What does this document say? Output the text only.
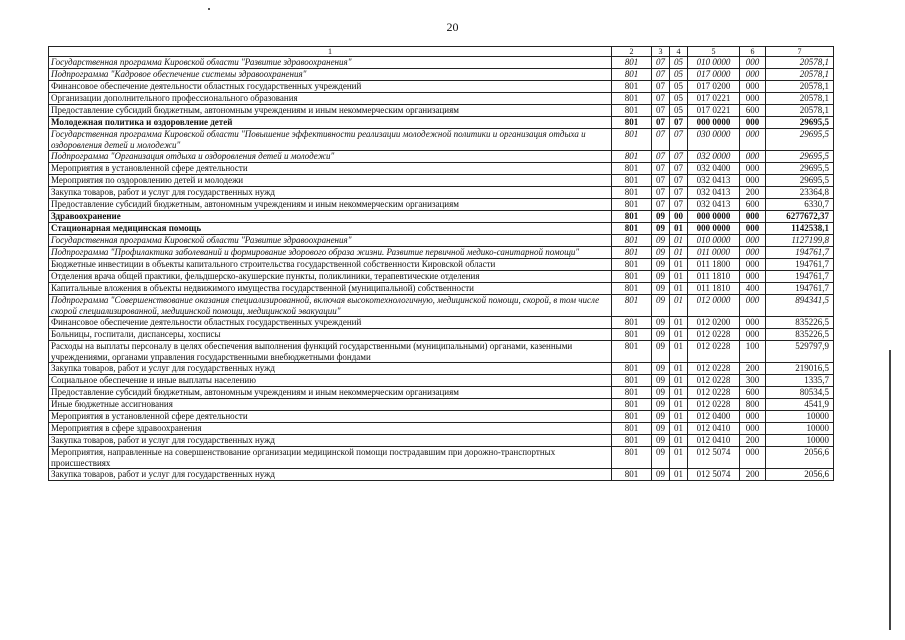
20
1	2	3	4	5	6	7
Государственная программа Кировской области "Развитие здравоохранения"	801	07	05	010 0000	000	20578,1
Подпрограмма "Кадровое обеспечение системы здравоохранения"	801	07	05	017 0000	000	20578,1
Финансовое обеспечение деятельности областных государственных учреждений	801	07	05	017 0200	000	20578,1
Организации дополнительного профессионального образования	801	07	05	017 0221	000	20578,1
Предоставление субсидий бюджетным, автономным учреждениям и иным некоммерческим организациям	801	07	05	017 0221	600	20578,1
Молодежная политика и оздоровление детей	801	07	07	000 0000	000	29695,5
Государственная программа Кировской области "Повышение эффективности реализации молодежной политики и организация отдыха и оздоровления детей и молодежи"	801	07	07	030 0000	000	29695,5
Подпрограмма "Организация отдыха и оздоровления детей и молодежи"	801	07	07	032 0000	000	29695,5
Мероприятия в установленной сфере деятельности	801	07	07	032 0400	000	29695,5
Мероприятия по оздоровлению детей и молодежи	801	07	07	032 0413	000	29695,5
Закупка товаров, работ и услуг для государственных нужд	801	07	07	032 0413	200	23364,8
Предоставление субсидий бюджетным, автономным учреждениям и иным некоммерческим организациям	801	07	07	032 0413	600	6330,7
Здравоохранение	801	09	00	000 0000	000	6277672,37
Стационарная медицинская помощь	801	09	01	000 0000	000	1142538,1
Государственная программа Кировской области "Развитие здравоохранения"	801	09	01	010 0000	000	1127199,8
Подпрограмма "Профилактика заболеваний и формирование здорового образа жизни. Развитие первичной медико-санитарной помощи"	801	09	01	011 0000	000	194761,7
Бюджетные инвестиции в объекты капитального строительства государственной собственности Кировской области	801	09	01	011 1800	000	194761,7
Отделения врача общей практики, фельдшерско-акушерские пункты, поликлиники, терапевтические отделения	801	09	01	011 1810	000	194761,7
Капитальные вложения в объекты недвижимого имущества государственной (муниципальной) собственности	801	09	01	011 1810	400	194761,7
Подпрограмма "Совершенствование оказания специализированной, включая высокотехнологичную, медицинской помощи, скорой, в том числе скорой специализированной, медицинской помощи, медицинской эвакуации"	801	09	01	012 0000	000	894341,5
Финансовое обеспечение деятельности областных государственных учреждений	801	09	01	012 0200	000	835226,5
Больницы, госпитали, диспансеры, хосписы	801	09	01	012 0228	000	835226,5
Расходы на выплаты персоналу в целях обеспечения выполнения функций государственными (муниципальными) органами, казенными учреждениями, органами управления государственными внебюджетными фондами	801	09	01	012 0228	100	529797,9
Закупка товаров, работ и услуг для государственных нужд	801	09	01	012 0228	200	219016,5
Социальное обеспечение и иные выплаты населению	801	09	01	012 0228	300	1335,7
Предоставление субсидий бюджетным, автономным учреждениям и иным некоммерческим организациям	801	09	01	012 0228	600	80534,5
Иные бюджетные ассигнования	801	09	01	012 0228	800	4541,9
Мероприятия в установленной сфере деятельности	801	09	01	012 0400	000	10000
Мероприятия в сфере здравоохранения	801	09	01	012 0410	000	10000
Закупка товаров, работ и услуг для государственных нужд	801	09	01	012 0410	200	10000
Мероприятия, направленные на совершенствование организации медицинской помощи пострадавшим при дорожно-транспортных происшествиях	801	09	01	012 5074	000	2056,6
Закупка товаров, работ и услуг для государственных нужд	801	09	01	012 5074	200	2056,6
